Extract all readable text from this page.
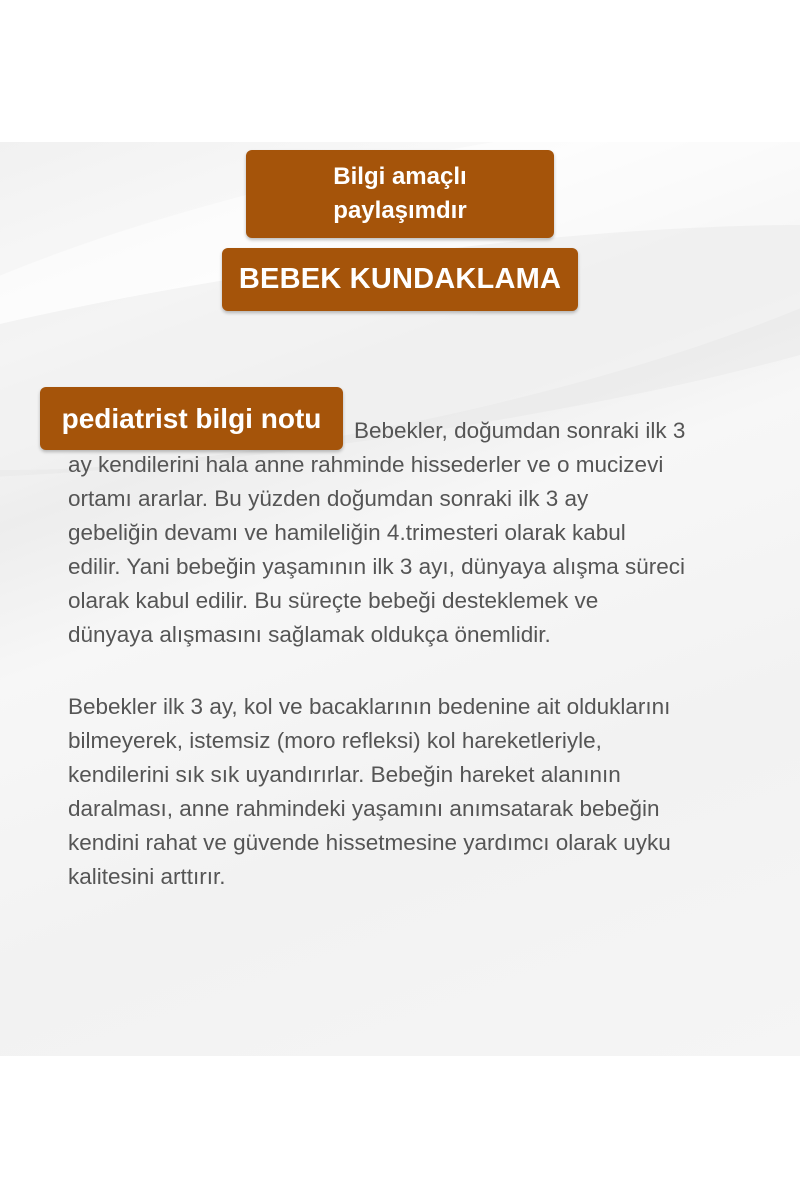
Bilgi amaçlı
paylaşımdır
BEBEK KUNDAKLAMA
pediatrist bilgi notu	Bebekler, doğumdan sonraki ilk 3
ay kendilerini hala anne rahminde hissederler ve o mucizevi
ortamı ararlar. Bu yüzden doğumdan sonraki ilk 3 ay
gebeliğin devamı ve hamileliğin 4.trimesteri olarak kabul
edilir. Yani bebeğin yaşamının ilk 3 ayı, dünyaya alışma süreci
olarak kabul edilir. Bu süreçte bebeği desteklemek ve
dünyaya alışmasını sağlamak oldukça önemlidir.
Bebekler ilk 3 ay, kol ve bacaklarının bedenine ait olduklarını
bilmeyerek, istemsiz (moro refleksi) kol hareketleriyle,
kendilerini sık sık uyandırırlar. Bebeğin hareket alanının
daralması, anne rahmindeki yaşamını anımsatarak bebeğin
kendini rahat ve güvende hissetmesine yardımcı olarak uyku
kalitesini arttırır.
